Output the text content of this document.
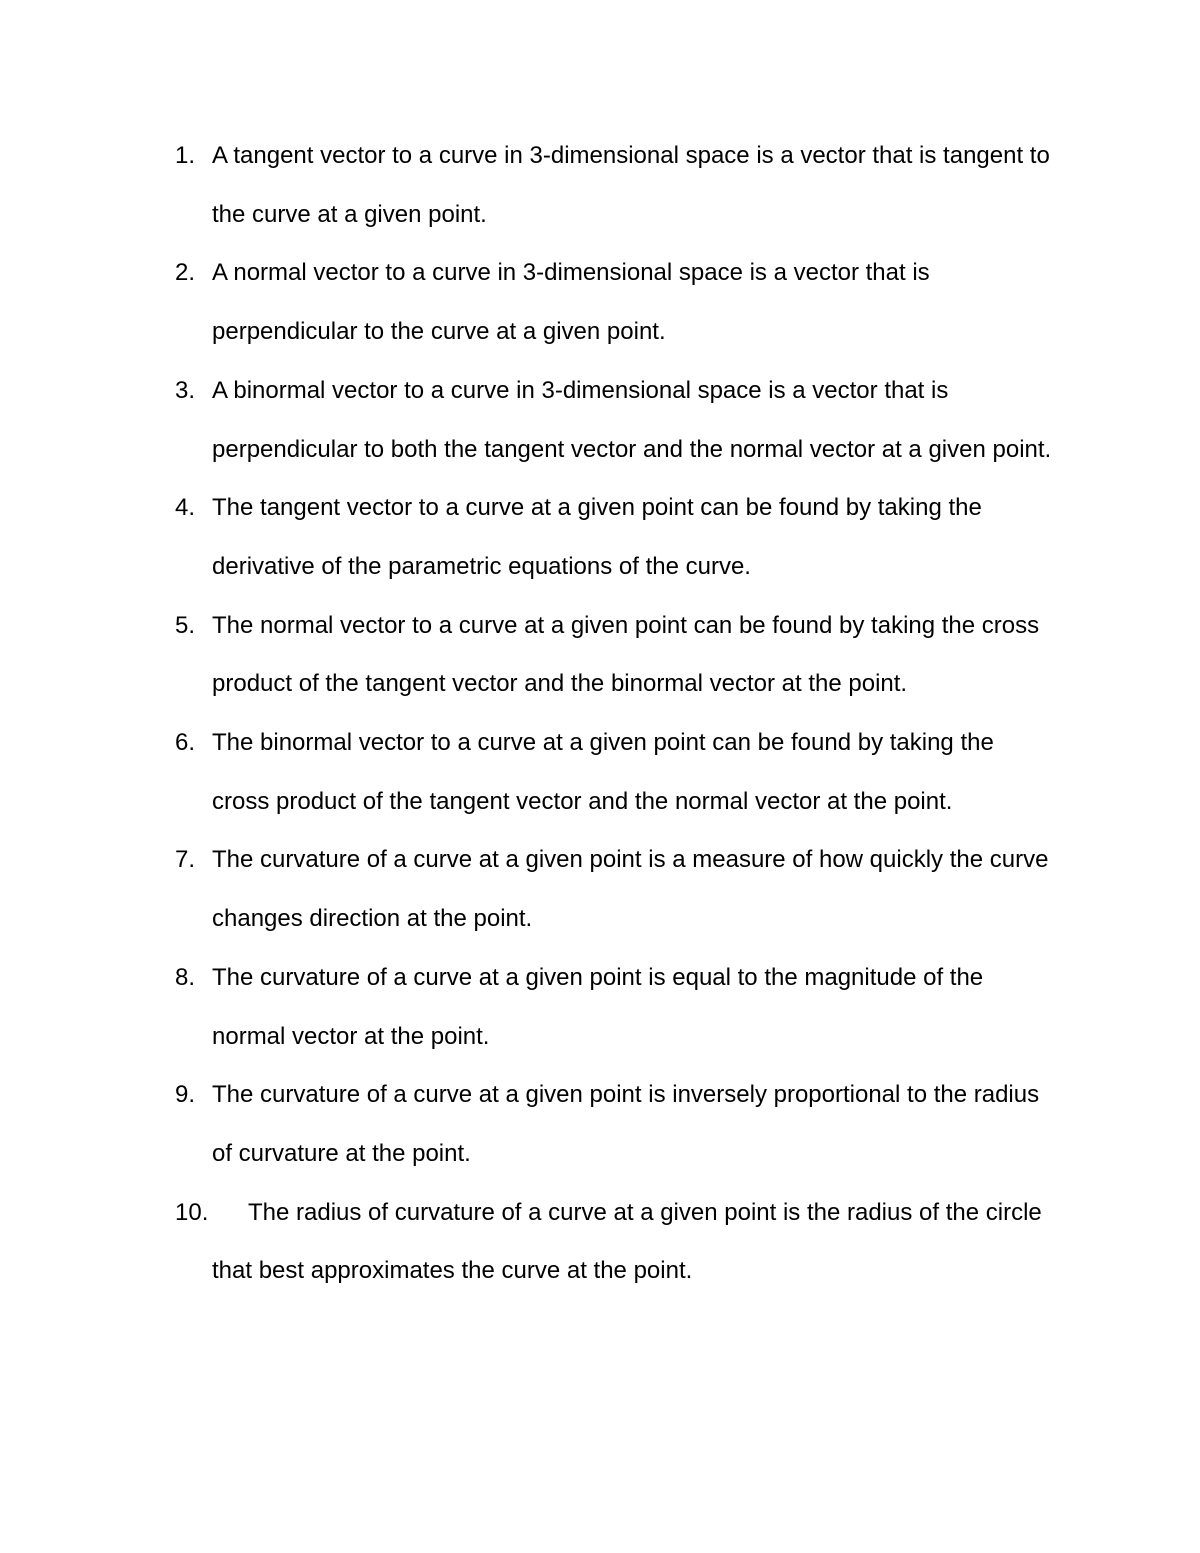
1. A tangent vector to a curve in 3-dimensional space is a vector that is tangent to the curve at a given point.
2. A normal vector to a curve in 3-dimensional space is a vector that is perpendicular to the curve at a given point.
3. A binormal vector to a curve in 3-dimensional space is a vector that is perpendicular to both the tangent vector and the normal vector at a given point.
4. The tangent vector to a curve at a given point can be found by taking the derivative of the parametric equations of the curve.
5. The normal vector to a curve at a given point can be found by taking the cross product of the tangent vector and the binormal vector at the point.
6. The binormal vector to a curve at a given point can be found by taking the cross product of the tangent vector and the normal vector at the point.
7. The curvature of a curve at a given point is a measure of how quickly the curve changes direction at the point.
8. The curvature of a curve at a given point is equal to the magnitude of the normal vector at the point.
9. The curvature of a curve at a given point is inversely proportional to the radius of curvature at the point.
10.	The radius of curvature of a curve at a given point is the radius of the circle that best approximates the curve at the point.
